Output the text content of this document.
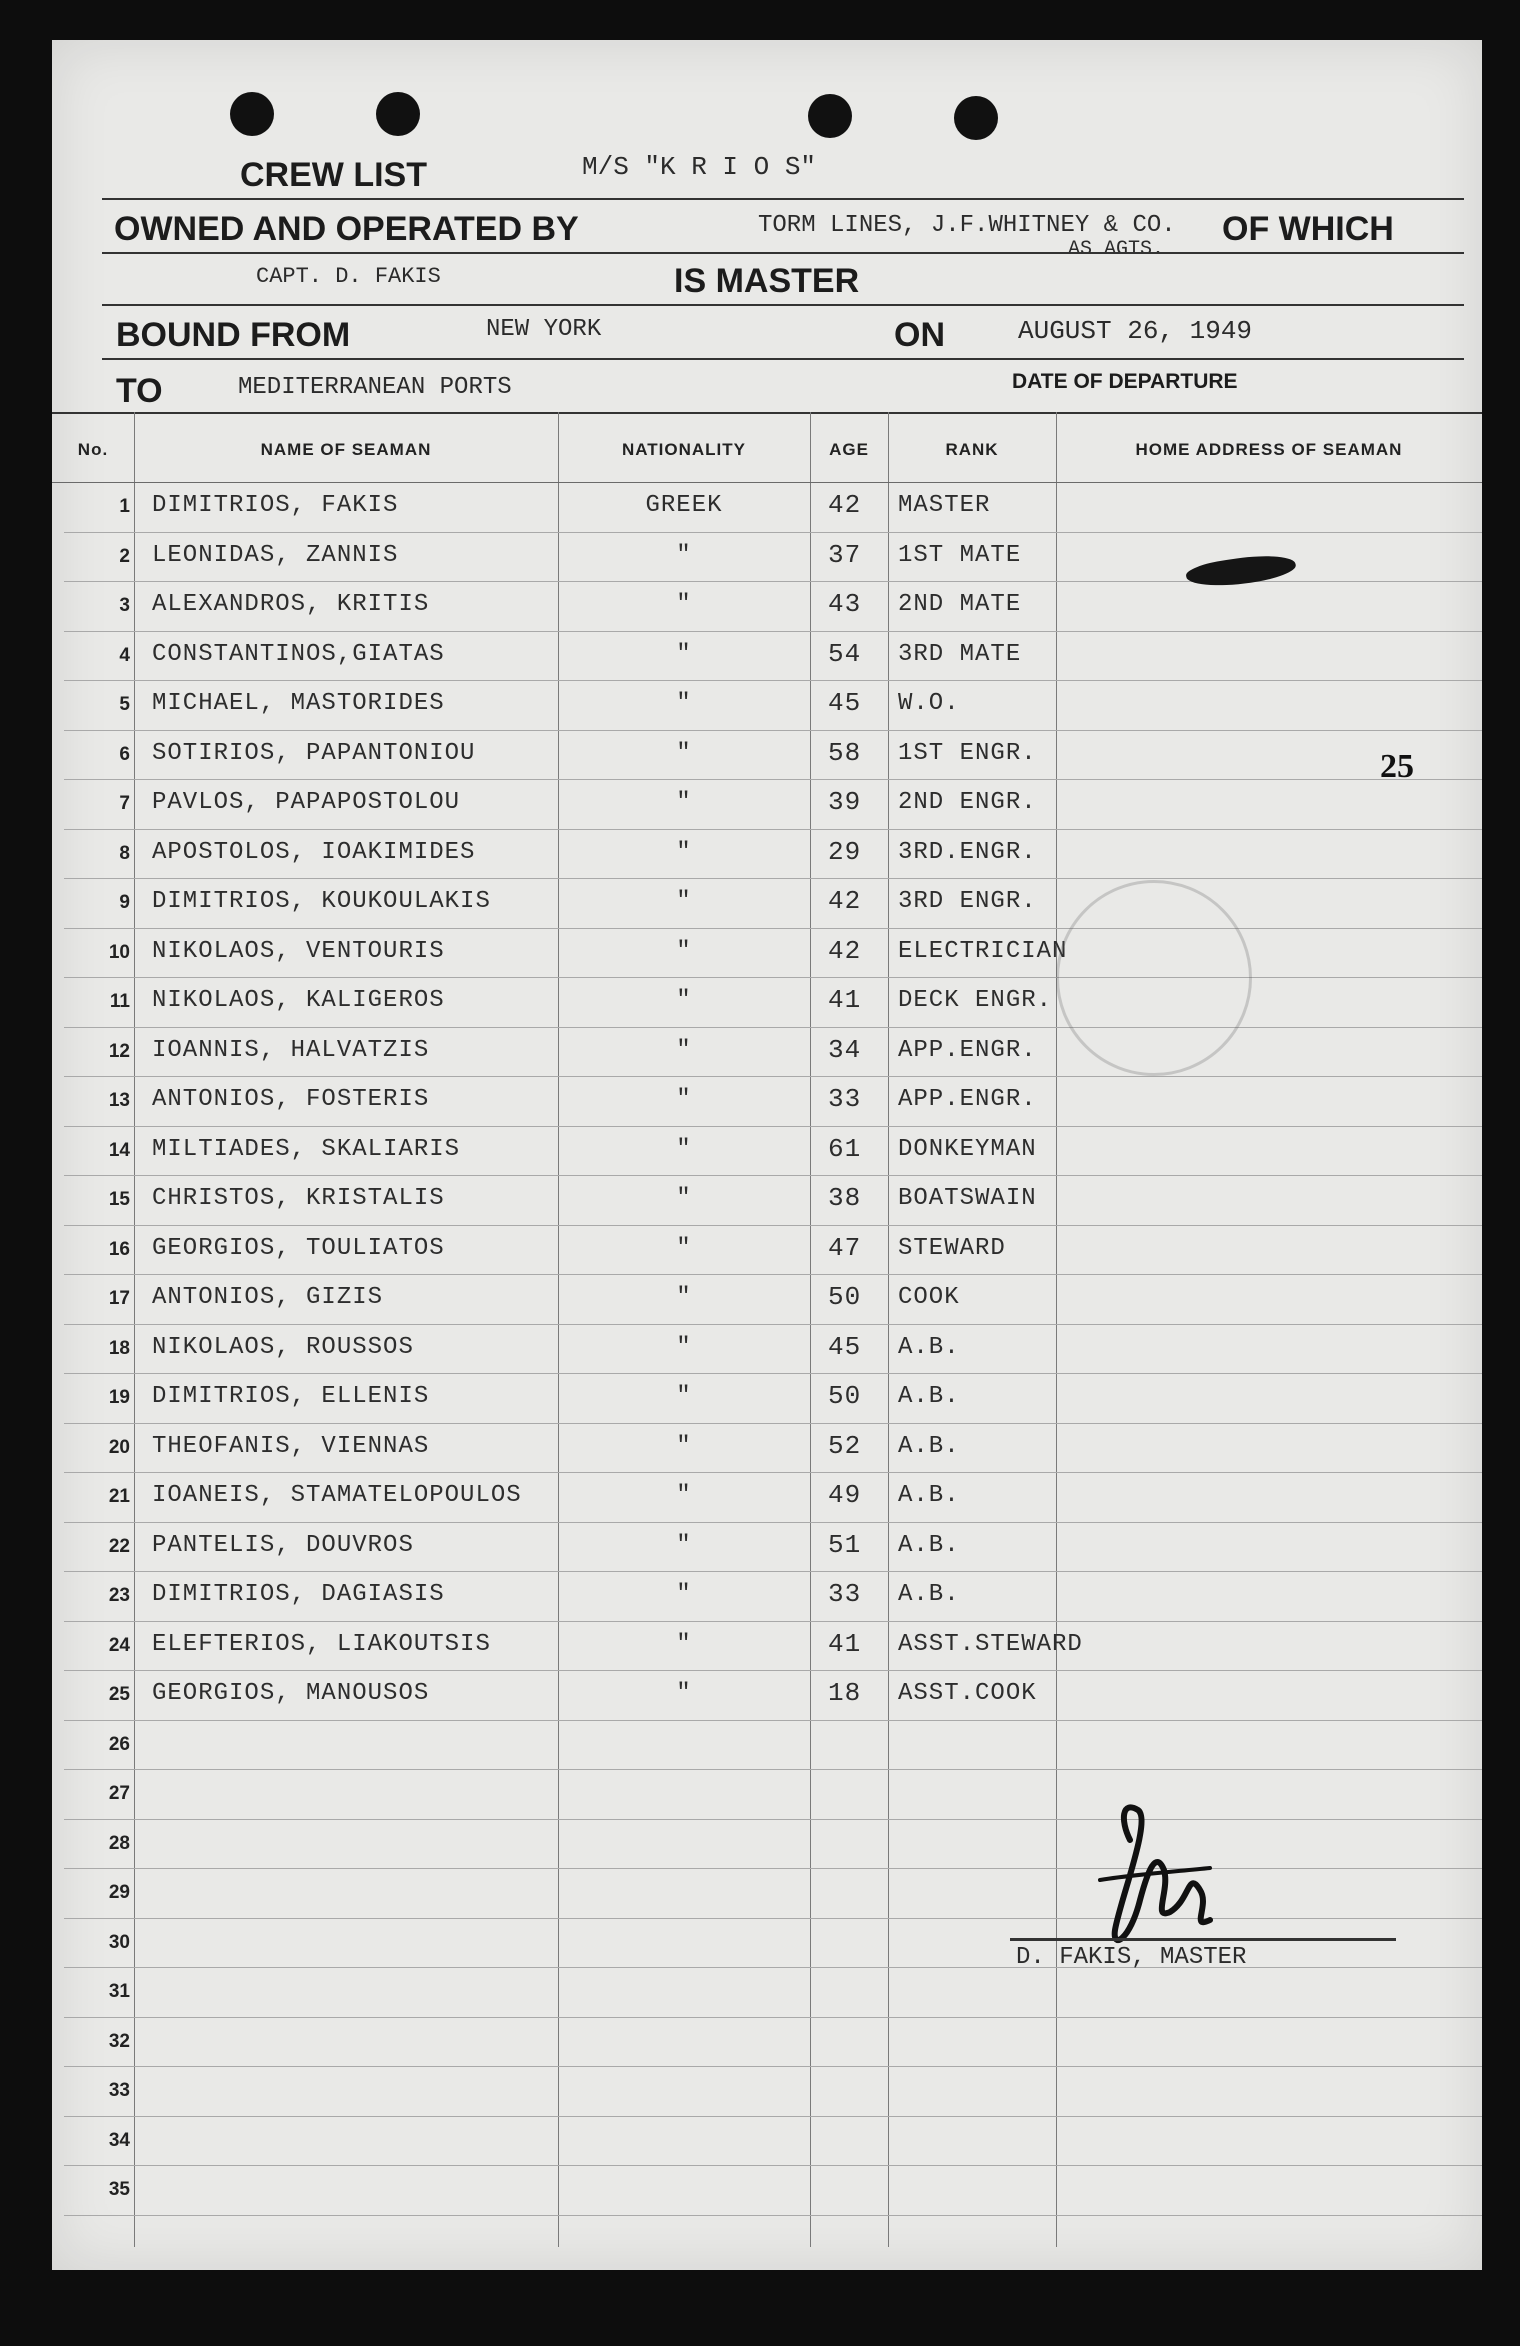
CREW LIST	M/S "K R I O S"
OWNED AND OPERATED BY	TORM LINES, J.F.WHITNEY & CO.
AS AGTS.
OF WHICH
CAPT. D. FAKIS	IS MASTER
BOUND FROM	NEW YORK	ON	AUGUST 26, 1949
TO	MEDITERRANEAN PORTS	DATE OF DEPARTURE
No.	NAME OF SEAMAN	NATIONALITY	AGE	RANK	HOME ADDRESS OF SEAMAN
1 DIMITRIOS, FAKIS	GREEK	42 MASTER
2 LEONIDAS, ZANNIS	"	37 1ST MATE
3 ALEXANDROS, KRITIS	"	43 2ND MATE
4 CONSTANTINOS,GIATAS	"	54 3RD MATE
5 MICHAEL, MASTORIDES	"	45 W.O.
6 SOTIRIOS, PAPANTONIOU	"	58 1ST ENGR.
7 PAVLOS, PAPAPOSTOLOU	"	39 2ND ENGR.
8 APOSTOLOS, IOAKIMIDES	"	29 3RD.ENGR.
9 DIMITRIOS, KOUKOULAKIS	"	42 3RD ENGR.
10 NIKOLAOS, VENTOURIS	"	42 ELECTRICIAN
11 NIKOLAOS, KALIGEROS	"	41 DECK ENGR.
12 IOANNIS, HALVATZIS	"	34 APP.ENGR.
13 ANTONIOS, FOSTERIS	"	33 APP.ENGR.
14 MILTIADES, SKALIARIS	"	61 DONKEYMAN
15 CHRISTOS, KRISTALIS	"	38 BOATSWAIN
16 GEORGIOS, TOULIATOS	"	47 STEWARD
17 ANTONIOS, GIZIS	"	50 COOK
18 NIKOLAOS, ROUSSOS	"	45 A.B.
19 DIMITRIOS, ELLENIS	"	50 A.B.
20 THEOFANIS, VIENNAS	"	52 A.B.
21 IOANEIS, STAMATELOPOULOS	"	49 A.B.
22 PANTELIS, DOUVROS	"	51 A.B.
23 DIMITRIOS, DAGIASIS	"	33 A.B.
24 ELEFTERIOS, LIAKOUTSIS	"	41 ASST.STEWARD
25 GEORGIOS, MANOUSOS	"	18 ASST.COOK
26
27
28
29
30
31
32
33
34
35
25
D. FAKIS, MASTER
